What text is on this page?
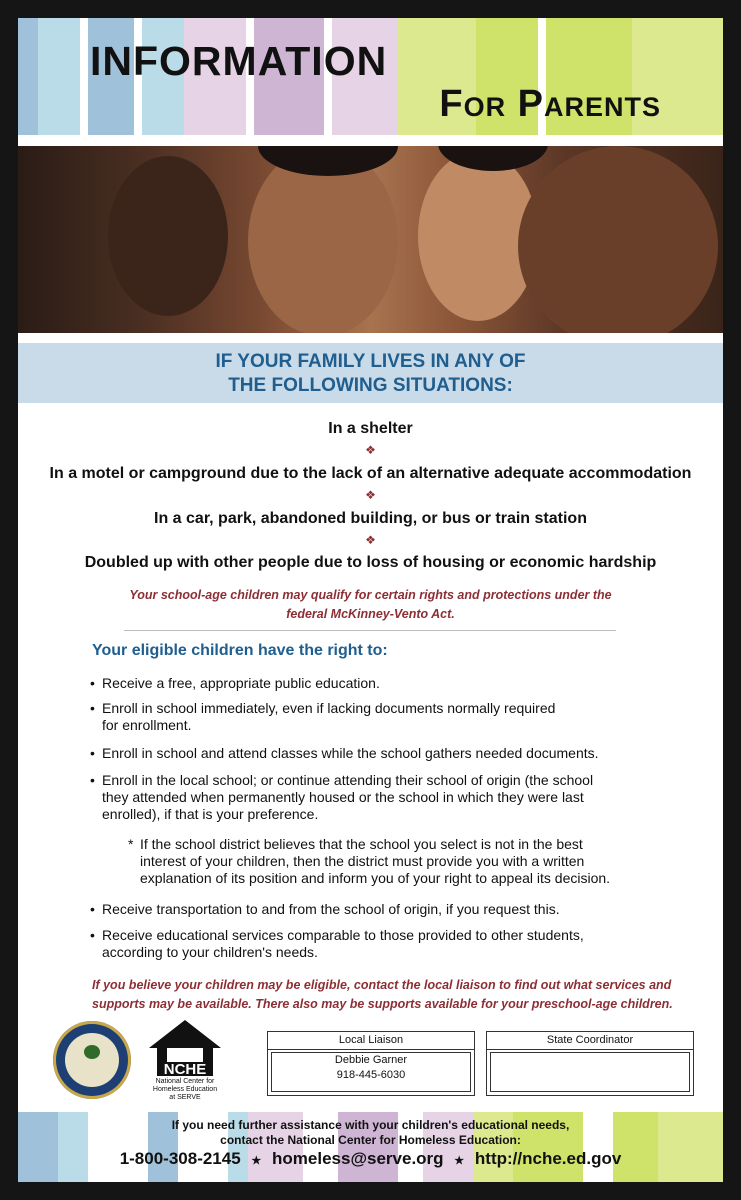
INFORMATION
For Parents
IF YOUR FAMILY LIVES IN ANY OF
THE FOLLOWING SITUATIONS:
In a shelter
❖
In a motel or campground due to the lack of an alternative adequate accommodation
❖
In a car, park, abandoned building, or bus or train station
❖
Doubled up with other people due to loss of housing or economic hardship
Your school-age children may qualify for certain rights and protections under the
federal McKinney-Vento Act.
Your eligible children have the right to:
• Receive a free, appropriate public education.
• Enroll in school immediately, even if lacking documents normally required
for enrollment.
• Enroll in school and attend classes while the school gathers needed documents.
• Enroll in the local school; or continue attending their school of origin (the school
they attended when permanently housed or the school in which they were last
enrolled), if that is your preference.
* If the school district believes that the school you select is not in the best
interest of your children, then the district must provide you with a written
explanation of its position and inform you of your right to appeal its decision.
• Receive transportation to and from the school of origin, if you request this.
• Receive educational services comparable to those provided to other students,
according to your children's needs.
If you believe your children may be eligible, contact the local liaison to find out what services and
supports may be available. There also may be supports available for your preschool-age children.
NCHE
National Center for
Homeless Education
at SERVE
Local Liaison
Debbie Garner
918-445-6030
State Coordinator
If you need further assistance with your children's educational needs,
contact the National Center for Homeless Education:
1-800-308-2145 ★ homeless@serve.org ★ http://nche.ed.gov
